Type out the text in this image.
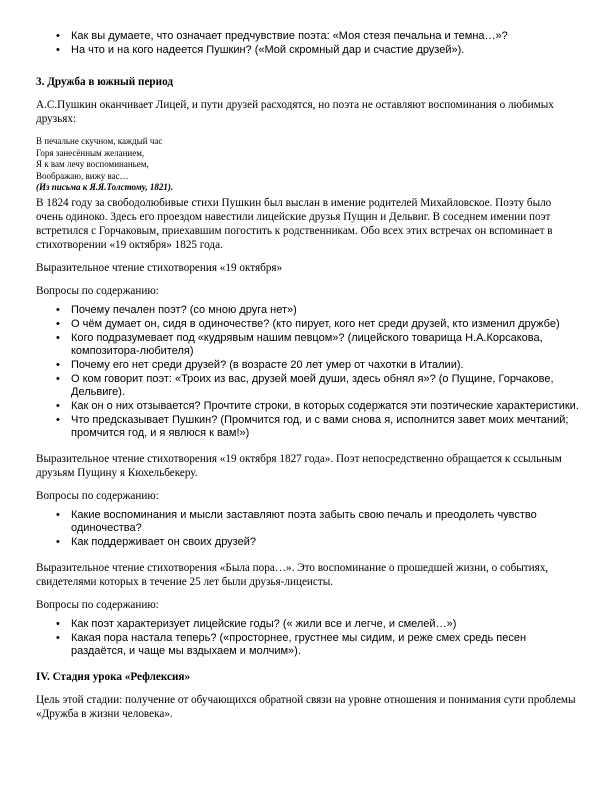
• Как вы думаете, что означает предчувствие поэта: «Моя стезя печальна и темна…»?
• На что и на кого надеется Пушкин? («Мой скромный дар и счастие друзей»).

3. Дружба в южный период

А.С.Пушкин оканчивает Лицей, и пути друзей расходятся, но поэта не оставляют воспоминания о любимых друзьях:

В печальне скучном, каждый час
Горя занесённым желанием,
Я к вам лечу воспоминаньем,
Воображаю, вижу вас…
(Из письма к Я.Я.Толстому, 1821).

В 1824 году за свободолюбивые стихи Пушкин был выслан в имение родителей Михайловское. Поэту было очень одиноко. Здесь его проездом навестили лицейские друзья Пущин и Дельвиг. В соседнем имении поэт встретился с Горчаковым, приехавшим погостить к родственникам. Обо всех этих встречах он вспоминает в стихотворении «19 октября» 1825 года.

Выразительное чтение стихотворения «19 октября»

Вопросы по содержанию:

• Почему печален поэт? (со мною друга нет»)
• О чём думает он, сидя в одиночестве? (кто пирует, кого нет среди друзей, кто изменил дружбе)
• Кого подразумевает под «кудрявым нашим певцом»? (лицейского товарища Н.А.Корсакова, композитора-любителя)
• Почему его нет среди друзей? (в возрасте 20 лет умер от чахотки в Италии).
• О ком говорит поэт: «Троих из вас, друзей моей души, здесь обнял я»? (о Пущине, Горчакове, Дельвиге).
• Как он о них отзывается? Прочтите строки, в которых содержатся эти поэтические характеристики.
• Что предсказывает Пушкин? (Промчится год, и с вами снова я, исполнится завет моих мечтаний; промчится год, и я явлюся к вам!»)

Выразительное чтение стихотворения «19 октября 1827 года». Поэт непосредственно обращается к ссыльным друзьям Пущину я Кюхельбекеру.

Вопросы по содержанию:

• Какие воспоминания и мысли заставляют поэта забыть свою печаль и преодолеть чувство одиночества?
• Как поддерживает он своих друзей?

Выразительное чтение стихотворения «Была пора…». Это воспоминание о прошедшей жизни, о событиях, свидетелями которых в течение 25 лет были друзья-лицеисты.

Вопросы по содержанию:

• Как поэт характеризует лицейские годы? (« жили все и легче, и смелей…»)
• Какая пора настала теперь? («просторнее, грустнее мы сидим, и реже смех средь песен раздаётся, и чаще мы вздыхаем и молчим»).

IV. Стадия урока «Рефлексия»

Цель этой стадии: получение от обучающихся обратной связи на уровне отношения и понимания сути проблемы «Дружба в жизни человека».
